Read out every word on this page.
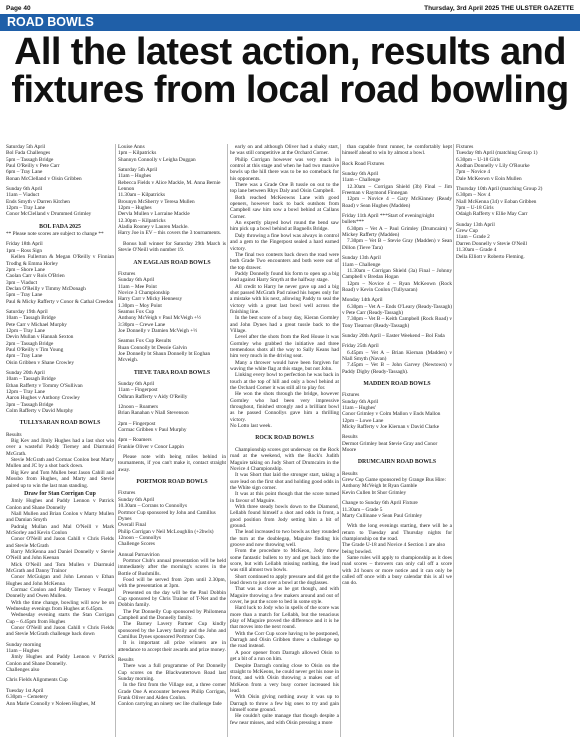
Page 40	Thursday, 3rd April 2025 THE ULSTER GAZETTE
ROAD BOWLS
All the latest action, results and fixtures from local road bowling

Saturday 5th April

Bol Fada Challenges

5pm – Tassagh Bridge

Paul O'Reilly v Pete Carr

6pm – Tray Lane

Ronan McClelland v Oisin Gribben

Sunday 6th April

11am – Viaduct

Ends Smyth v Darren Kitchen

12pm – Tray Lane

Conor McClelland v Drummed Grimley

BOL FADA 2025

** Please note scores are subject to change **

Friday 18th April

1pm – Ross Sign

Kellen Fullerton & Megan O'Reilly v Finnian Trodhg & Emma Horley

2pm – Shore Lane

Caolan Carr v Rois O'Brien

3pm – Viaduct

Declan O'Reilly v Timmy McDonagh

5pm – Tray Lane

Paul & Micky Rafferty v Conor & Cathal Creedon

Saturday 19th April

10am – Tassagh Bridge

Pete Carr v Michael Murphy

12pm – Tray Lane

Devin Mullan v Hannah Sexton

2pm – Tassagh Bridge

Paul O'Reilly v Tim Young

4pm – Tray Lane

Oisin Gribben v Shane Crowley

Sunday 20th April

10am – Tassagh Bridge

Ethan Rafferty v Tommy O'Sullivan

12pm – Tray Lane

Aaron Hughes v Anthony Crowley

3pm – Tassagh Bridge

Colm Rafferty v David Murphy

TULLYSARAN ROAD BOWLS

Results

Big Kev and Jimly Hughes had a last shot win over a wasteful Paddy Tierney and Diarmuid McGrath.

Stevie McGrath and Cormac Conlon beat Marty Mullen and JC by a shot back down.

Big Kev and Tom Mullen beat Jason Cahill and Mossbo from Hughes, and Marty and Stevie paired up to win the last man standing.

Draw for Stan Corrigan Cup

Jimly Hughes and Paddy Lennon v Patrick Conlon and Shane Donnelly

Niall Mullen and Brian Conlon v Marty Mullen and Damian Smyth

Padraig Mullan and Mal O'Neill v Mark McSorley and Kevin Conlon

Conor O'Neill and Jason Cahill v Chris Fields and Stevie McGrath

Barry McKenna and Daniel Donnelly v Stevie O'Neill and John Keenan

Mick O'Neill and Tom Mullen v Diarmuid McGrath and Danny Trainor

Conor McGuigan and John Lennon v Ethan Hughes and John McKenna

Cormac Conlon and Paddy Tierney v Feargal Donnelly and Owen Mullen.

With the time change, bowling will now be on Wednesday evenings from Hughes at 6.45pm.

Wednesday evening starts the Stan Corrigan Cup – 6.45pm from Hughes

Conor O'Neill and Jason Cahill v Chris Fields and Stevie McGrath challenge back down

Sunday morning

11am – Hughes

Jimly Hughes and Paddy Lennon v Patrick Conlon and Shane Donnelly.

Challenges also

Chris Fields Alignments Cup

Tuesday 1st April

6.30pm – Cemetery

Ann Marie Connolly v Noleen Hughes, M

Louise Anns

1pm – Kilpatricks

Shannyn Connolly v Leigha Duggan

Saturday 5th April

11am – Hughes

Rebecca Fields v Alice Mackle, M. Anna Bernie Lennon

11.30am – Kilpatricks

Brounyn McSherry v Teresa Mullen

12pm – Hughes

Dervla Mullen v Lorraine Mackle

12.30pm – Kilpatricks

Aladia Rooney v Lauren Mackle.

Harry Joe in EV – this covers the 3 tournaments.

Bonus ball winner for Saturday 29th March is Stevie O'Neill with number 19.

AN EAGLAIS ROAD BOWLS

Fixtures

Sunday 6th April

11am – Mee Point

Novice 3 Championship

Harry Carr v Micky Hennessy

1.30pm – Moy Point

Seamus Fox Cup

Anthony McVeigh v Paul McVeigh +½

3:30pm – Crewe Lane

Joe Donnelly v Damien McVeigh +½

Seamus Fox Cup Results

Ruan Connolly bt Dessie Galvin

Joe Donnelly bt Shaun Donnelly bt Eoghan Mcveigh.

TIEVE TARA ROAD BOWLS

Sunday 6th April

11am – Fingerpost

Odhran Rafferty v Aidy O'Reilly

12noon – Roamers

Brian Ranahan v Niall Stevenson

2pm – Fingerpost

Cormac Gribben v Paul Murphy

4pm – Roamers

Frankie Oliver v Conor Lappin

Please note with being miles behind in tournaments, if you can't make it, contact straight away.

PORTMOR ROAD BOWLS

Fixtures

Sunday 6th April

10.30am – Corrans to Connollys

Portmor Cup sponsored by John and Camillus Dynes

Overall Final

Philip Corrigan v Neil McLoughlin (+2bwls)

12noon – Connollys

Challenge Scores

Annual Parnavirion

Portmor Club's annual presentation will be held immediately after the morning's scores in the Bottle of Bushmills.

Food will be served from 2pm until 2.30pm, with the presentation at 3pm.

Presented on the day will be the Paul Dobbin Cup sponsored by Chris Trainor of T-Net and the Dobbin family.

The Pat Donnelly Cup sponsored by Philomena Campbell and the Donnelly family.

The Barney Lavery Partner Cup kindly sponsored by the Lavery family and the John and Camillus Dynes sponsored Portmor Cup.

It is important all prize winners are in attendance to accept their awards and prize money.

Results

There was a full programme of Pat Donnelly Cup scores on the Blackwatertown Road last Sunday morning.

In the first from the Village out, a three corner Grade One A encounter between Philip Corrigan, Frank Oliver and Aiden Conlon.

Conlon carrying an ninety sec lite challenge fade

early on and although Oliver had a shaky start, he was still competitive at the Orchard Corner.

Philip Corrigan however was very much in control at this stage and when he had two massive bowls up the hill there was to be no comeback for his opponents.

There was a Grade One B tussle on out to the top lane between Rhys Daly and Oisin Campbell.

Both reached McKeowns Lane with good openers, however back to back outshots from Campbell saw him sow a bowl behind at Callans Corner.

An expertly played bowl round the bend saw him pick up a bowl behind at Bagnells Bridge.

Daly throwing a fine bowl was always in control and a gem to the Fingerpost sealed a hard earned victory.

The final two contests back down the road were both Grade Two encounters and both were out of the top drawer.

Paddy Donnelly found his form to open up a big lead against Harry Smyth at the halfway stage.

All credit to Harry he never gave up and a big shot passed McGrath Pad raised his hopes only for a mistake with his next, allowing Paddy to seal the victory with a great last bowl well across the finishing line.

In the best score of a busy day, Kieran Gormley and John Dynes had a great tussle back to the Village.

Level after the shots from the Red House it was Gormley who grabbed the initiative and three tremendous shots all the way to Sally Keans had him very much in the driving seat.

Many a thrower would have been forgiven for waving the white flag at this stage, but not John.

Linking every bowl to perfection he was back in touch at the top of hill and only a bowl behind at the Orchard Corner it was still all to play for.

He won the shots through the bridge, however Gormley who had been very impressive throughout, finished strongly and a brilliant bowl as he passed Connollys gave him a thrilling victory.

No Lotto last week.

ROCK ROAD BOWLS

Championship scores got underway on the Rock road at the weekend, with the Rock's Judith Maguire taking on Judy Short of Drumcairn in the Novice 4 Championship.

It was Short that laid the stronger start, taking a sure lead on the first shot and holding good odds in the White sign corner.

It was at this point though that the score turned in favour of Maguire.

With three steady bowls down to the Diamond, Lellabh found himself a shot and odds in front, a good position from Jody setting him a bit of ground.

The lead increased to two bowls as they rounded the turn at the doublegap, Maguire finding his groove and now throwing well.

From the procedure to McKeon, Jody threw some fantastic bullets to try and get back into the score, but with Lellabh missing nothing, the lead was still almost two bowls.

Short continued to apply pressure and did get the lead down to just over a bowl at the doglasses.

That was as close as he got though, and with Maguire throwing a few makers around and out of cover, he put the score to bed in some style.

Hard luck to Jody who in spells of the score was more than a match for Lellabh, but the tenacious play of Maguire proved the difference and it is he that moves into the next round.

With the Corr Cup score having to be postponed, Darragh and Oisin Gribben threw a challenge up the road instead.

A poor opener from Darragh allowed Oisin to get a bit of a run on him.

Despite Darragh coming close to Oisin on the straight to McKeons, he could never get his nose in front, and with Oisin throwing a makes out of McKeon from a very busy corner increased his lead.

With Oisin giving nothing away it was up to Darragh to throw a few big ones to try and gain himself some ground.

He couldn't quite manage that though despite a few near misses, and with Oisin pressing a more

than capable front runner, he comfortably kept himself ahead to win by almost a bowl.

Rock Road Fixtures

Sunday 6th April

11am – Challenge

12.30am – Corrigan Shield (3b) Final – Jim Freeman v Raymond Finnegan

12pm – Novice 4 – Gary McKinney (Ready Road) v Sean Hughes (Madden)

Friday 11th April ***Start of evening/night bullets***

6.30pm – Vet A – Paul Grimley (Drumcairn) v Mickey Rafferty (Madden)

7.30pm – Vet B – Stevie Gray (Madden) v Sean Dillon (Tieve Tara)

Sunday 13th April

11am – Challenge

11.30am – Corrigan Shield (3a) Final – Johnny Campbell v Bredan Hogan

12pm – Novice 4 – Ryan McKeown (Rock Road) v Kevin Conlon (Tullysaran)

Monday 14th April

6.30pm – Vet A – Ends O'Leary (Ready-Tassagh) v Pete Carr (Ready-Tassagh)

7.30pm – Vet B – Keith Campbell (Rock Road) v Tony Tiearnor (Ready-Tassagh)

Sunday 20th April – Easter Weekend – Bol Fada

Friday 25th April

6.45pm – Vet A – Brian Kiernan (Madden) v Niall Smyth (Navan)

7.45pm – Vet B – John Garvey (Newtown) v Paddy Digby (Ready-Tassagh).

MADDEN ROAD BOWLS

Fixtures

Sunday 6th April

11am – Hughes'

Conor Grimley v Colm Mallon v Ends Mallon

12pm – Lowe Lane

Micky Rafferty v Joe Kiernan v David Clarke

Results

Dermot Grimley beat Stevie Gray and Conor Moore

DRUMCAIRN ROAD BOWLS

Results

Grew Cup Game sponsored by Grange Bus Hire:

Anthony McVeigh bt Ryan Gamble

Kevin Cullen bt Shor Grimley

Change to Sunday 6th April Fixture

11.30am – Grade 5

Marty Cullinane v Sean Paul Grimley

With the long evenings starting, there will be a return to Tuesday and Thursday nights for championship on the road.

The Grade U-18 and Novice 4 Section 1 are also being bowled.

Same rules will apply to championship as it does road scores – throwers can only call off a score with 24 hours or more notice and it can only be called off once with a busy calendar this is all we can do.

Fixtures

Tuesday 8th April (matching Group 1)

6.30pm – U-18 Girls

Aodhan Donnelly v Lily O'Rourke

7pm – Novice 4

Dale McKeown v Eoin Mullen

Thursday 10th April (matching Group 2)

6.30pm – Nov 4

Niall McKenna (34) v Eoban Gribben

7pm – U-18 Girls

Odaigh Rafferty v Ellie May Carr

Sunday 13th April

Grew Cup

11am – Grade 2

Darren Donnelly v Stevie O'Neill

11.30am – Grade 4

Della Elliott v Roberto Fleming.
